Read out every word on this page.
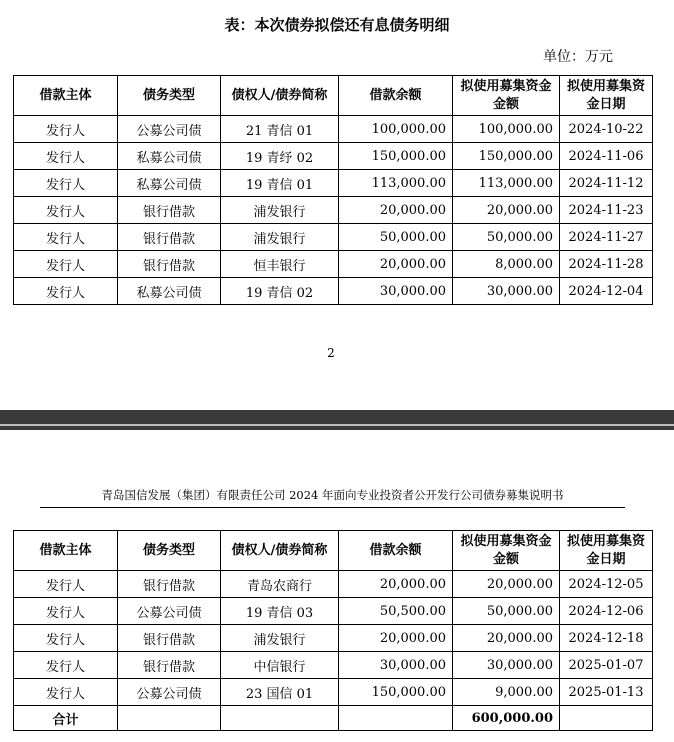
表：本次债券拟偿还有息债务明细
单位：万元
借款主体	债务类型	债权人/债券简称	借款余额	拟使用募集资金金额	拟使用募集资金日期
发行人	公募公司债	21 青信 01	100,000.00	100,000.00	2024-10-22
发行人	私募公司债	19 青纾 02	150,000.00	150,000.00	2024-11-06
发行人	私募公司债	19 青信 01	113,000.00	113,000.00	2024-11-12
发行人	银行借款	浦发银行	20,000.00	20,000.00	2024-11-23
发行人	银行借款	浦发银行	50,000.00	50,000.00	2024-11-27
发行人	银行借款	恒丰银行	20,000.00	8,000.00	2024-11-28
发行人	私募公司债	19 青信 02	30,000.00	30,000.00	2024-12-04
2
青岛国信发展（集团）有限责任公司 2024 年面向专业投资者公开发行公司债券募集说明书
借款主体	债务类型	债权人/债券简称	借款余额	拟使用募集资金金额	拟使用募集资金日期
发行人	银行借款	青岛农商行	20,000.00	20,000.00	2024-12-05
发行人	公募公司债	19 青信 03	50,500.00	50,000.00	2024-12-06
发行人	银行借款	浦发银行	20,000.00	20,000.00	2024-12-18
发行人	银行借款	中信银行	30,000.00	30,000.00	2025-01-07
发行人	公募公司债	23 国信 01	150,000.00	9,000.00	2025-01-13
合计				600,000.00	
